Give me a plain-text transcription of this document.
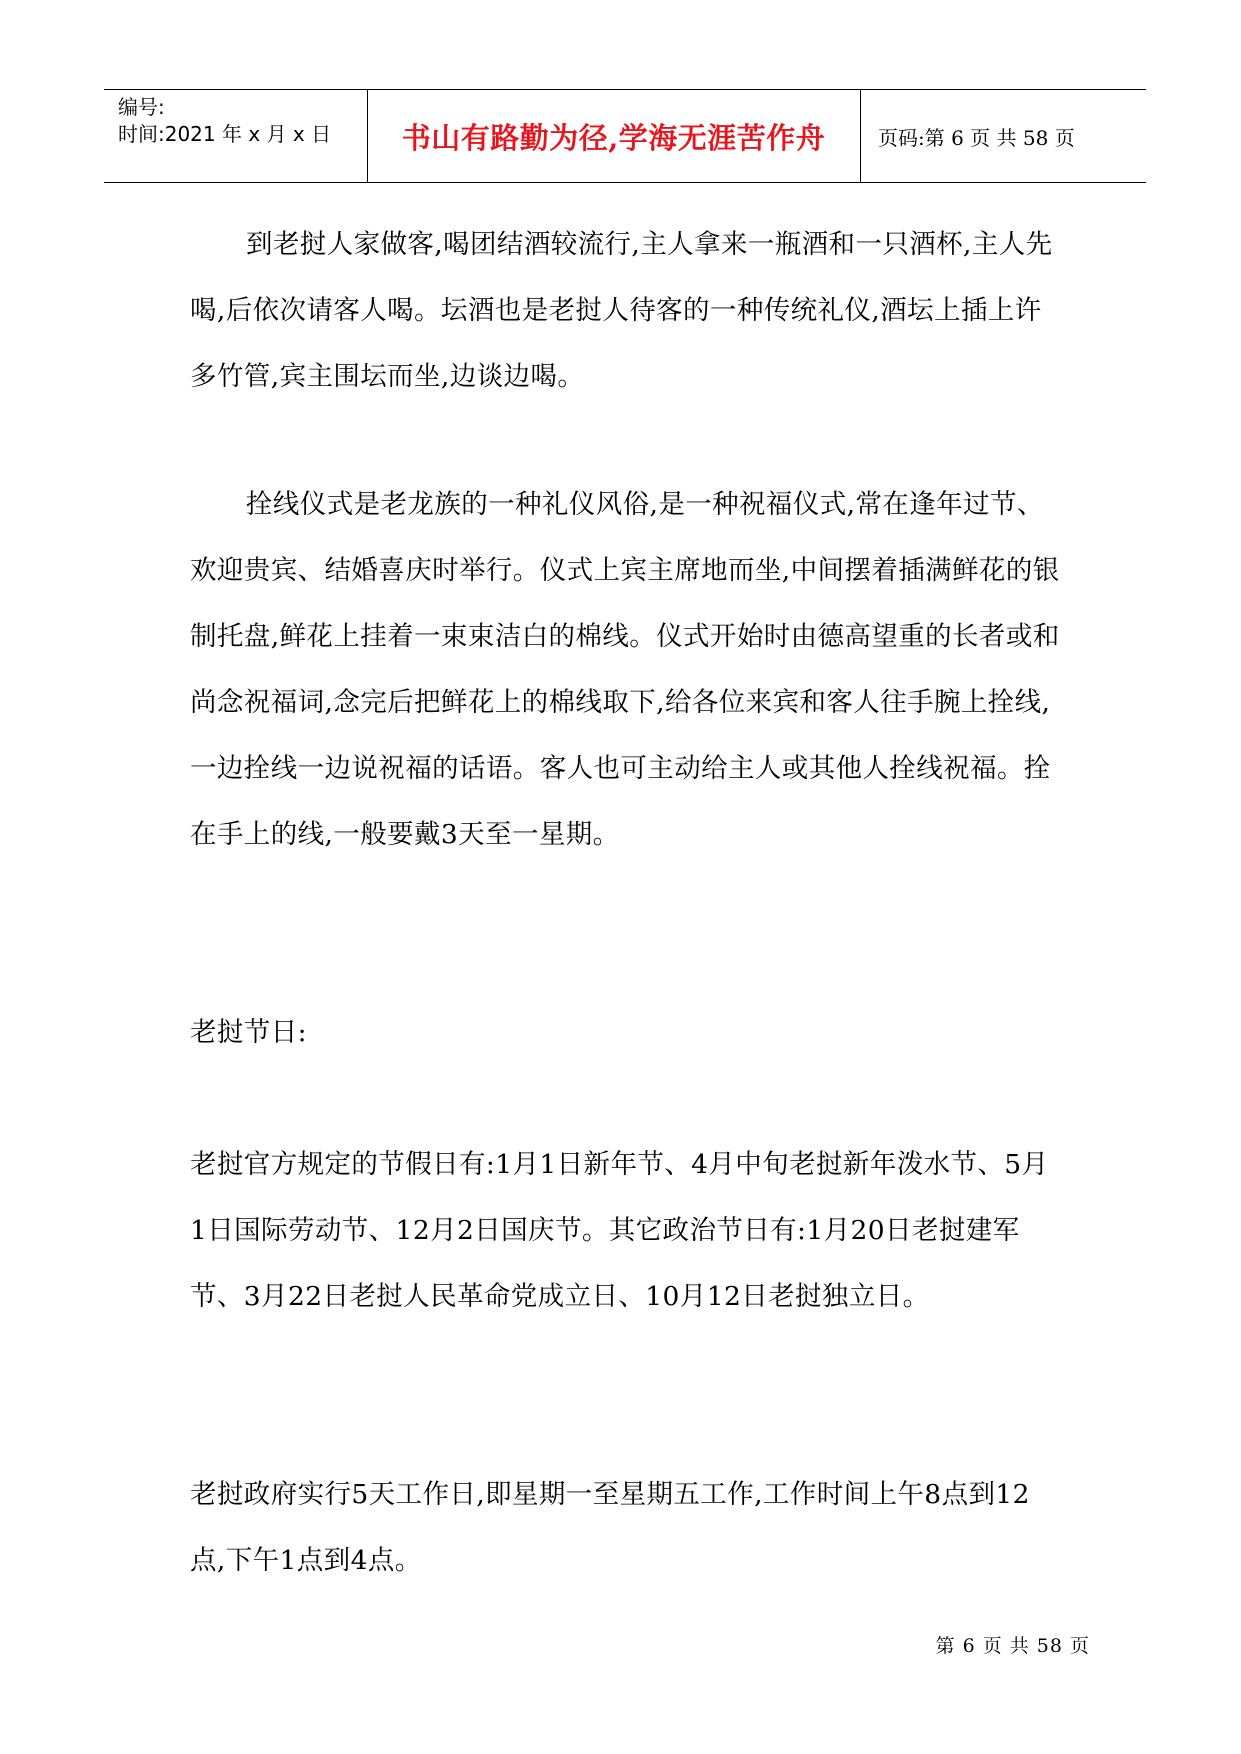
编号:
时间:2021 年 x 月 x 日	书山有路勤为径,学海无涯苦作舟	页码:第 6 页 共 58 页

到老挝人家做客,喝团结酒较流行,主人拿来一瓶酒和一只酒杯,主人先喝,后依次请客人喝。坛酒也是老挝人待客的一种传统礼仪,酒坛上插上许多竹管,宾主围坛而坐,边谈边喝。

拴线仪式是老龙族的一种礼仪风俗,是一种祝福仪式,常在逢年过节、欢迎贵宾、结婚喜庆时举行。仪式上宾主席地而坐,中间摆着插满鲜花的银制托盘,鲜花上挂着一束束洁白的棉线。仪式开始时由德高望重的长者或和尚念祝福词,念完后把鲜花上的棉线取下,给各位来宾和客人往手腕上拴线,一边拴线一边说祝福的话语。客人也可主动给主人或其他人拴线祝福。拴在手上的线,一般要戴3天至一星期。

老挝节日:

老挝官方规定的节假日有:1月1日新年节、4月中旬老挝新年泼水节、5月1日国际劳动节、12月2日国庆节。其它政治节日有:1月20日老挝建军节、3月22日老挝人民革命党成立日、10月12日老挝独立日。

老挝政府实行5天工作日,即星期一至星期五工作,工作时间上午8点到12点,下午1点到4点。

第 6 页 共 58 页
